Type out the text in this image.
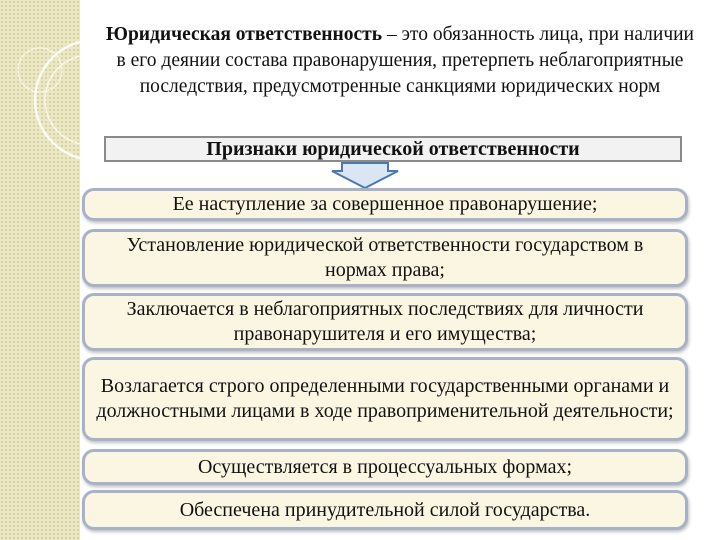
Юридическая ответственность – это обязанность лица, при наличии в его деянии состава правонарушения, претерпеть неблагоприятные последствия, предусмотренные санкциями юридических норм
Признаки юридической ответственности
Ее наступление за совершенное правонарушение;
Установление юридической ответственности государством в нормах права;
Заключается в неблагоприятных последствиях для личности правонарушителя и его имущества;
Возлагается строго определенными государственными органами и должностными лицами в ходе правоприменительной деятельности;
Осуществляется в процессуальных формах;
Обеспечена принудительной силой государства.
